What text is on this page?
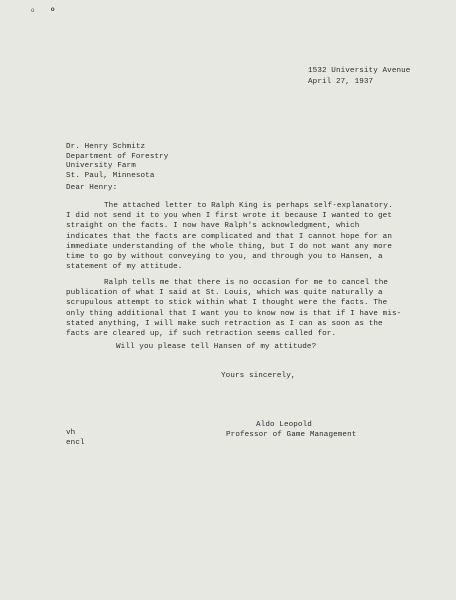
ᵒ ᵒ
1532 University Avenue
April 27, 1937
Dr. Henry Schmitz
Department of Forestry
University Farm
St. Paul, Minnesota
Dear Henry:
The attached letter to Ralph King is perhaps self-explanatory.
I did not send it to you when I first wrote it because I wanted to get
straight on the facts. I now have Ralph's acknowledgment, which
indicates that the facts are complicated and that I cannot hope for an
immediate understanding of the whole thing, but I do not want any more
time to go by without conveying to you, and through you to Hansen, a
statement of my attitude.
Ralph tells me that there is no occasion for me to cancel the
publication of what I said at St. Louis, which was quite naturally a
scrupulous attempt to stick within what I thought were the facts. The
only thing additional that I want you to know now is that if I have mis-
stated anything, I will make such retraction as I can as soon as the
facts are cleared up, if such retraction seems called for.
Will you please tell Hansen of my attitude?
Yours sincerely,
Aldo Leopold
Professor of Game Management
vh
encl
